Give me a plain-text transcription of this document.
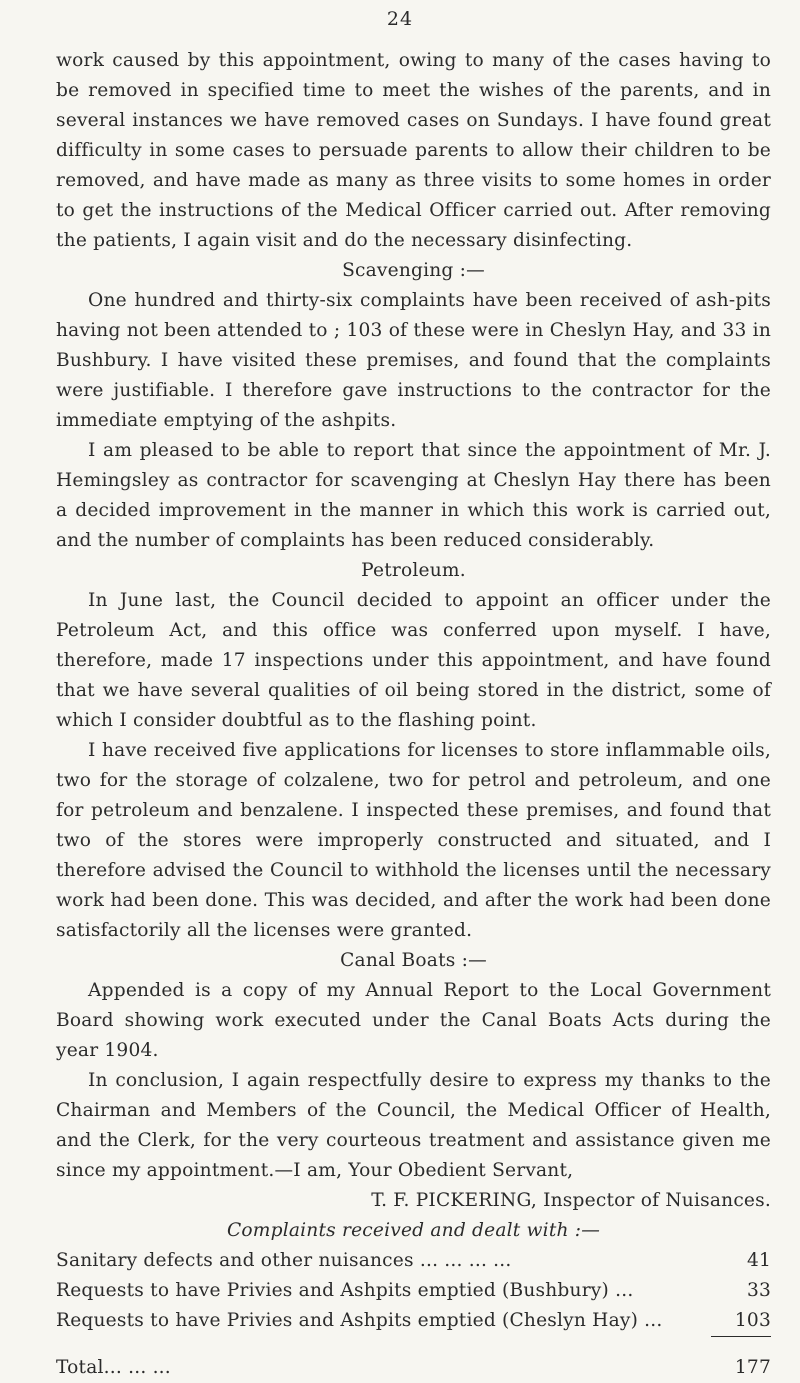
24

work caused by this appointment, owing to many of the cases having to be removed in specified time to meet the wishes of the parents, and in several instances we have removed cases on Sundays. I have found great difficulty in some cases to persuade parents to allow their children to be removed, and have made as many as three visits to some homes in order to get the instructions of the Medical Officer carried out. After removing the patients, I again visit and do the necessary disinfecting.

Scavenging :—

One hundred and thirty-six complaints have been received of ash-pits having not been attended to ; 103 of these were in Cheslyn Hay, and 33 in Bushbury. I have visited these premises, and found that the complaints were justifiable. I therefore gave instructions to the contractor for the immediate emptying of the ashpits.

I am pleased to be able to report that since the appointment of Mr. J. Hemingsley as contractor for scavenging at Cheslyn Hay there has been a decided improvement in the manner in which this work is carried out, and the number of complaints has been reduced considerably.

Petroleum.

In June last, the Council decided to appoint an officer under the Petroleum Act, and this office was conferred upon myself. I have, therefore, made 17 inspections under this appointment, and have found that we have several qualities of oil being stored in the district, some of which I consider doubtful as to the flashing point.

I have received five applications for licenses to store inflammable oils, two for the storage of colzalene, two for petrol and petroleum, and one for petroleum and benzalene. I inspected these premises, and found that two of the stores were improperly constructed and situated, and I therefore advised the Council to withhold the licenses until the necessary work had been done. This was decided, and after the work had been done satisfactorily all the licenses were granted.

Canal Boats :—

Appended is a copy of my Annual Report to the Local Government Board showing work executed under the Canal Boats Acts during the year 1904.

In conclusion, I again respectfully desire to express my thanks to the Chairman and Members of the Council, the Medical Officer of Health, and the Clerk, for the very courteous treatment and assistance given me since my appointment.—I am, Your Obedient Servant,

T. F. PICKERING, Inspector of Nuisances.

Complaints received and dealt with :—

Sanitary defects and other nuisances ... ... ... ...	41
Requests to have Privies and Ashpits emptied (Bushbury) ...	33
Requests to have Privies and Ashpits emptied (Cheslyn Hay) ...	103
Total... ... ...	177
